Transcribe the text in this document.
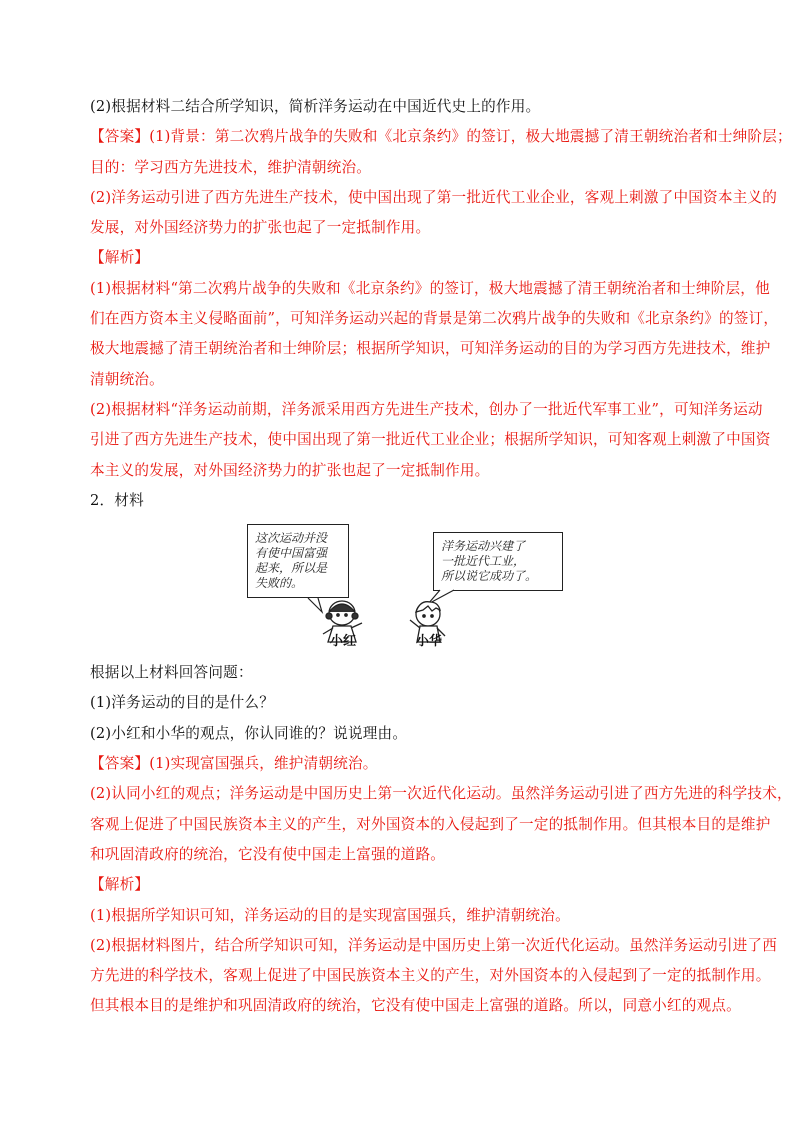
(2)根据材料二结合所学知识，简析洋务运动在中国近代史上的作用。

【答案】(1)背景：第二次鸦片战争的失败和《北京条约》的签订，极大地震撼了清王朝统治者和士绅阶层；

目的：学习西方先进技术，维护清朝统治。

(2)洋务运动引进了西方先进生产技术，使中国出现了第一批近代工业企业，客观上刺激了中国资本主义的

发展，对外国经济势力的扩张也起了一定抵制作用。

【解析】

(1)根据材料“第二次鸦片战争的失败和《北京条约》的签订，极大地震撼了清王朝统治者和士绅阶层，他

们在西方资本主义侵略面前”，可知洋务运动兴起的背景是第二次鸦片战争的失败和《北京条约》的签订，

极大地震撼了清王朝统治者和士绅阶层；根据所学知识，可知洋务运动的目的为学习西方先进技术，维护

清朝统治。

(2)根据材料“洋务运动前期，洋务派采用西方先进生产技术，创办了一批近代军事工业”，可知洋务运动

引进了西方先进生产技术，使中国出现了第一批近代工业企业；根据所学知识，可知客观上刺激了中国资

本主义的发展，对外国经济势力的扩张也起了一定抵制作用。

2．材料

这次运动并没
有使中国富强
起来，所以是
失败的。
洋务运动兴建了
一批近代工业，
所以说它成功了。
小红	小华

根据以上材料回答问题：

(1)洋务运动的目的是什么？

(2)小红和小华的观点，你认同谁的？说说理由。

【答案】(1)实现富国强兵，维护清朝统治。

(2)认同小红的观点；洋务运动是中国历史上第一次近代化运动。虽然洋务运动引进了西方先进的科学技术，

客观上促进了中国民族资本主义的产生，对外国资本的入侵起到了一定的抵制作用。但其根本目的是维护

和巩固清政府的统治，它没有使中国走上富强的道路。

【解析】

(1)根据所学知识可知，洋务运动的目的是实现富国强兵，维护清朝统治。

(2)根据材料图片，结合所学知识可知，洋务运动是中国历史上第一次近代化运动。虽然洋务运动引进了西

方先进的科学技术，客观上促进了中国民族资本主义的产生，对外国资本的入侵起到了一定的抵制作用。

但其根本目的是维护和巩固清政府的统治，它没有使中国走上富强的道路。所以，同意小红的观点。
